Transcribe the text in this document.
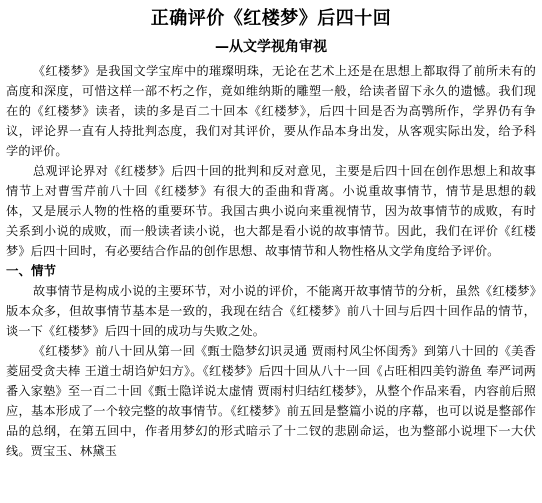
正确评价《红楼梦》后四十回
—从文学视角审视

《红楼梦》是我国文学宝库中的璀璨明珠，无论在艺术上还是在思想上都取得了前所未有的高度和深度，可惜这样一部不朽之作，竟如维纳斯的雕塑一般，给读者留下永久的遗憾。我们现在的《红楼梦》读者，读的多是百二十回本《红楼梦》，后四十回是否为高鹗所作，学界仍有争议，评论界一直有人持批判态度，我们对其评价，要从作品本身出发，从客观实际出发，给予科学的评价。

总观评论界对《红楼梦》后四十回的批判和反对意见，主要是后四十回在创作思想上和故事情节上对曹雪芹前八十回《红楼梦》有很大的歪曲和背离。小说重故事情节，情节是思想的载体，又是展示人物的性格的重要环节。我国古典小说向来重视情节，因为故事情节的成败，有时关系到小说的成败，而一般读者读小说，也大都是看小说的故事情节。因此，我们在评价《红楼梦》后四十回时，有必要结合作品的创作思想、故事情节和人物性格从文学角度给予评价。

一、情节

故事情节是构成小说的主要环节，对小说的评价，不能离开故事情节的分析，虽然《红楼梦》版本众多，但故事情节基本是一致的，我现在结合《红楼梦》前八十回与后四十回作品的情节，谈一下《红楼梦》后四十回的成功与失败之处。

《红楼梦》前八十回从第一回《甄士隐梦幻识灵通 贾雨村风尘怀闺秀》到第八十回的《美香菱屈受贪夫棒 王道士胡诌妒妇方》。《红楼梦》后四十回从八十一回《占旺相四美钓游鱼 奉严词两番入家塾》至一百二十回《甄士隐详说太虚情 贾雨村归结红楼梦》，从整个作品来看，内容前后照应，基本形成了一个较完整的故事情节。《红楼梦》前五回是整篇小说的序幕，也可以说是整部作品的总纲，在第五回中，作者用梦幻的形式暗示了十二钗的悲剧命运，也为整部小说埋下一大伏线。贾宝玉、林黛玉
